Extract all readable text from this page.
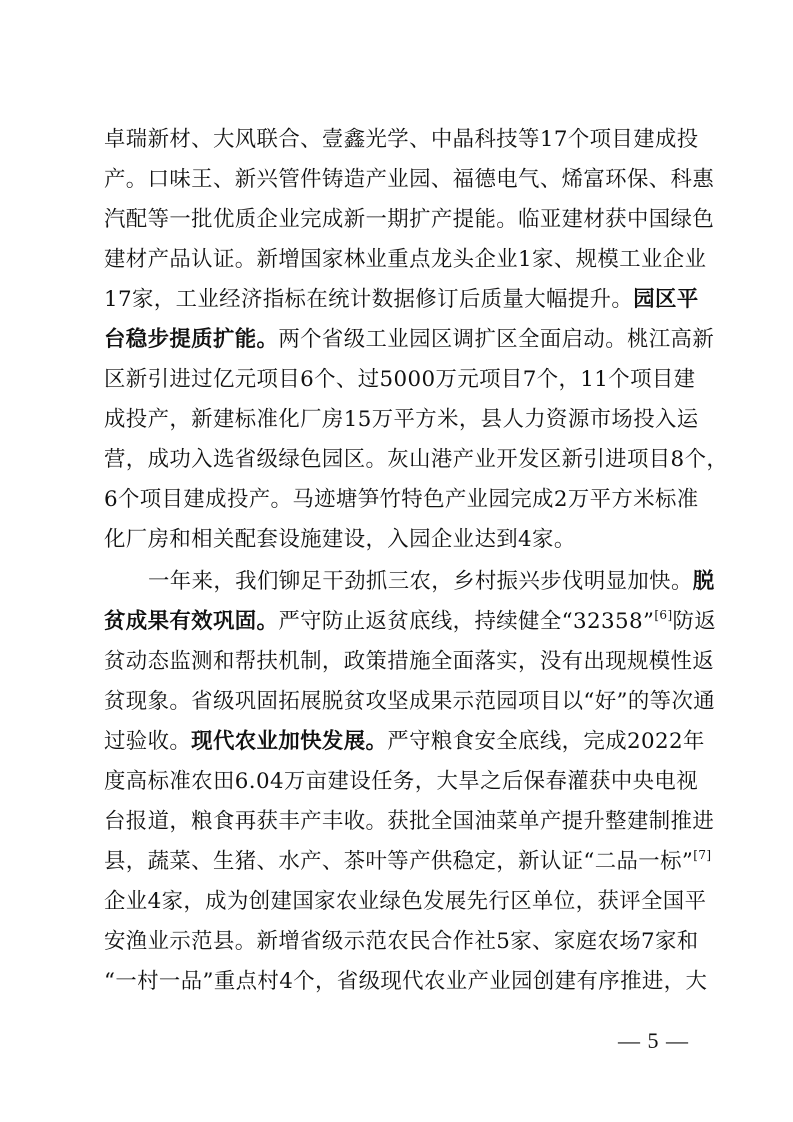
卓瑞新材、大风联合、壹鑫光学、中晶科技等17个项目建成投
产。口味王、新兴管件铸造产业园、福德电气、烯富环保、科惠
汽配等一批优质企业完成新一期扩产提能。临亚建材获中国绿色
建材产品认证。新增国家林业重点龙头企业1家、规模工业企业
17家，工业经济指标在统计数据修订后质量大幅提升。园区平
台稳步提质扩能。两个省级工业园区调扩区全面启动。桃江高新
区新引进过亿元项目6个、过5000万元项目7个，11个项目建
成投产，新建标准化厂房15万平方米，县人力资源市场投入运
营，成功入选省级绿色园区。灰山港产业开发区新引进项目8个，
6个项目建成投产。马迹塘笋竹特色产业园完成2万平方米标准
化厂房和相关配套设施建设，入园企业达到4家。
一年来，我们铆足干劲抓三农，乡村振兴步伐明显加快。脱
贫成果有效巩固。严守防止返贫底线，持续健全“32358”[6]防返
贫动态监测和帮扶机制，政策措施全面落实，没有出现规模性返
贫现象。省级巩固拓展脱贫攻坚成果示范园项目以“好”的等次通
过验收。现代农业加快发展。严守粮食安全底线，完成2022年
度高标准农田6.04万亩建设任务，大旱之后保春灌获中央电视
台报道，粮食再获丰产丰收。获批全国油菜单产提升整建制推进
县，蔬菜、生猪、水产、茶叶等产供稳定，新认证“二品一标”[7]
企业4家，成为创建国家农业绿色发展先行区单位，获评全国平
安渔业示范县。新增省级示范农民合作社5家、家庭农场7家和
“一村一品”重点村4个，省级现代农业产业园创建有序推进，大
— 5 —
